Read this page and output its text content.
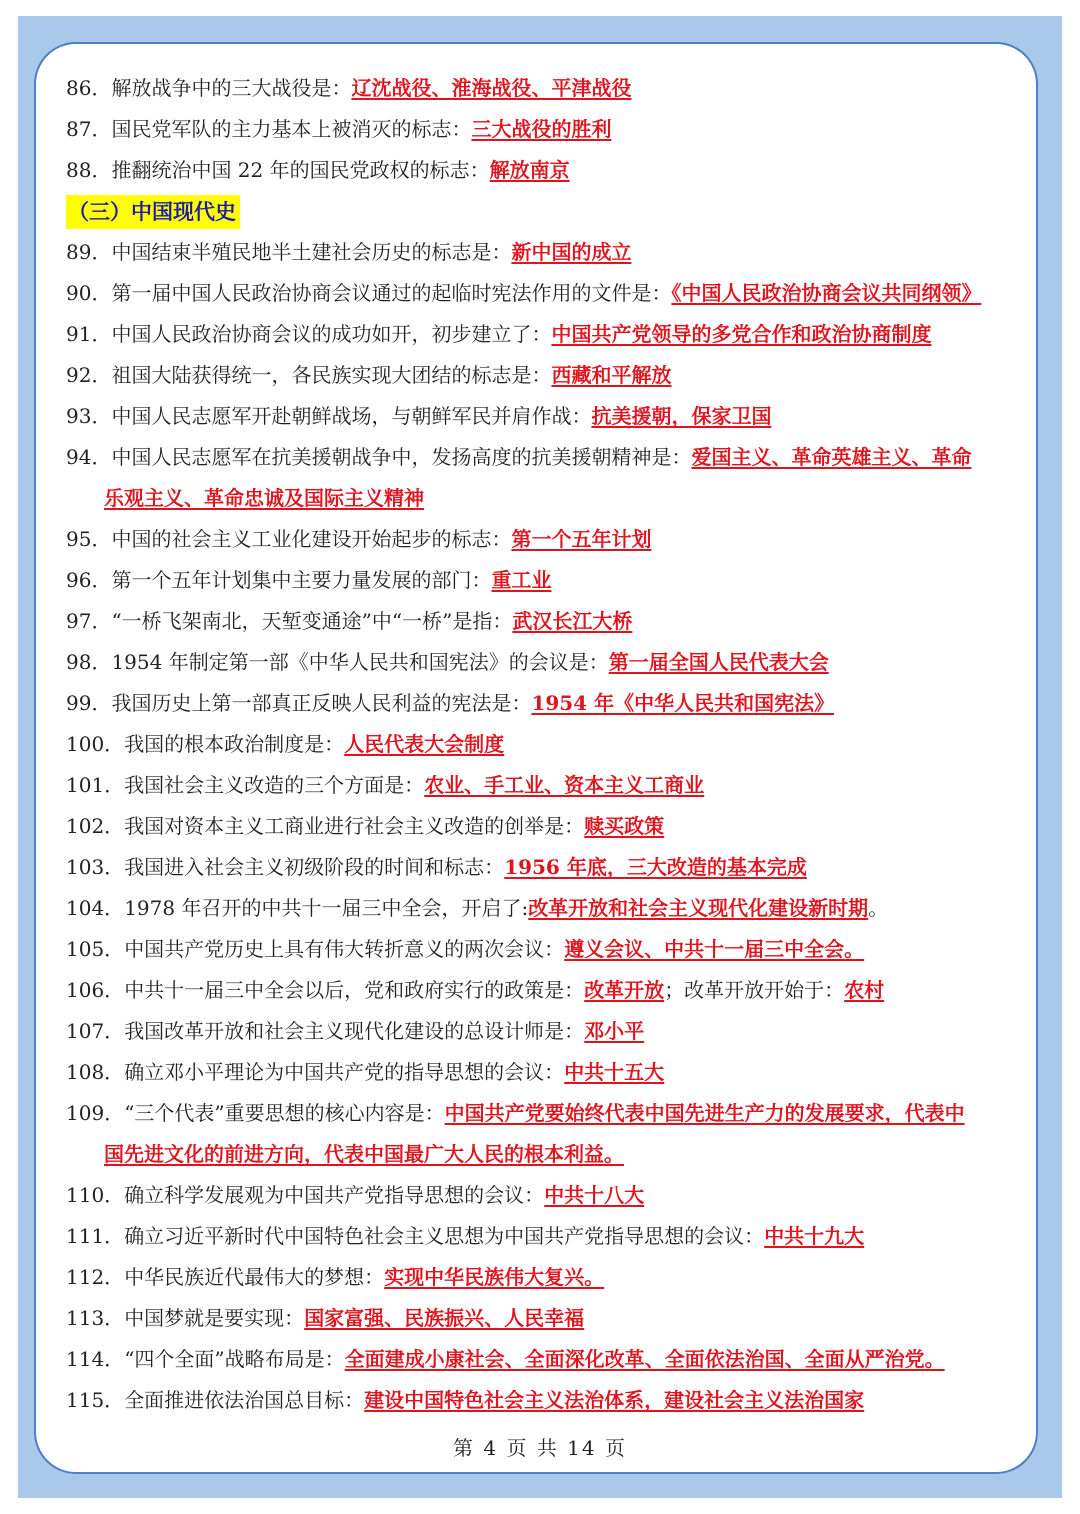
86．解放战争中的三大战役是：辽沈战役、淮海战役、平津战役
87．国民党军队的主力基本上被消灭的标志：三大战役的胜利
88．推翻统治中国 22 年的国民党政权的标志：解放南京
（三）中国现代史
89．中国结束半殖民地半土建社会历史的标志是：新中国的成立
90．第一届中国人民政治协商会议通过的起临时宪法作用的文件是：《中国人民政治协商会议共同纲领》
91．中国人民政治协商会议的成功如开，初步建立了：中国共产党领导的多党合作和政治协商制度
92．祖国大陆获得统一，各民族实现大团结的标志是：西藏和平解放
93．中国人民志愿军开赴朝鲜战场，与朝鲜军民并肩作战：抗美援朝，保家卫国
94．中国人民志愿军在抗美援朝战争中，发扬高度的抗美援朝精神是：爱国主义、革命英雄主义、革命
乐观主义、革命忠诚及国际主义精神
95．中国的社会主义工业化建设开始起步的标志：第一个五年计划
96．第一个五年计划集中主要力量发展的部门：重工业
97．“一桥飞架南北，天堑变通途”中“一桥”是指：武汉长江大桥
98．1954 年制定第一部《中华人民共和国宪法》的会议是：第一届全国人民代表大会
99．我国历史上第一部真正反映人民利益的宪法是：1954 年《中华人民共和国宪法》
100．我国的根本政治制度是：人民代表大会制度
101．我国社会主义改造的三个方面是：农业、手工业、资本主义工商业
102．我国对资本主义工商业进行社会主义改造的创举是：赎买政策
103．我国进入社会主义初级阶段的时间和标志：1956 年底，三大改造的基本完成
104．1978 年召开的中共十一届三中全会，开启了:改革开放和社会主义现代化建设新时期。
105．中国共产党历史上具有伟大转折意义的两次会议：遵义会议、中共十一届三中全会。
106．中共十一届三中全会以后，党和政府实行的政策是：改革开放；改革开放开始于：农村
107．我国改革开放和社会主义现代化建设的总设计师是：邓小平
108．确立邓小平理论为中国共产党的指导思想的会议：中共十五大
109．“三个代表”重要思想的核心内容是：中国共产党要始终代表中国先进生产力的发展要求，代表中
国先进文化的前进方向，代表中国最广大人民的根本利益。
110．确立科学发展观为中国共产党指导思想的会议：中共十八大
111．确立习近平新时代中国特色社会主义思想为中国共产党指导思想的会议：中共十九大
112．中华民族近代最伟大的梦想：实现中华民族伟大复兴。
113．中国梦就是要实现：国家富强、民族振兴、人民幸福
114．“四个全面”战略布局是：全面建成小康社会、全面深化改革、全面依法治国、全面从严治党。
115．全面推进依法治国总目标：建设中国特色社会主义法治体系，建设社会主义法治国家
第 4 页 共 14 页
